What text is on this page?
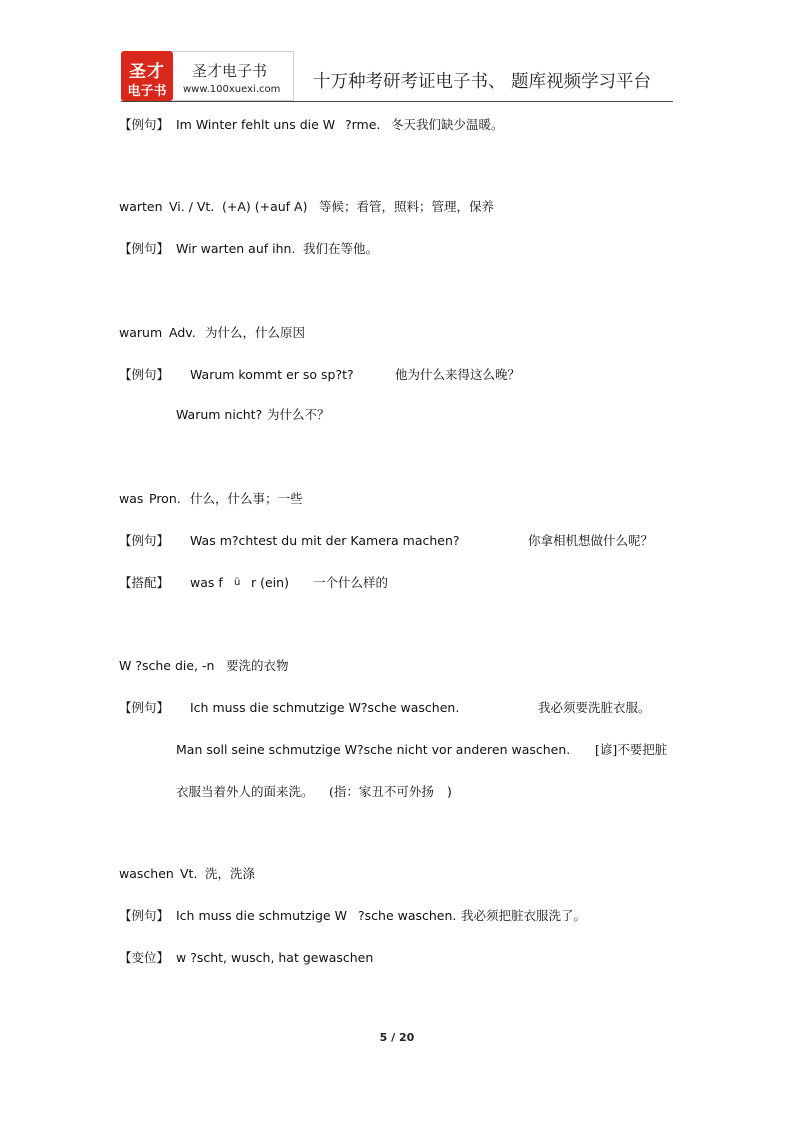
圣才
电子书
圣才电子书
www.100xuexi.com 十万种考研考证电子书、 题库视频学习平台
【例句】 Im Winter fehlt uns die W ?rme. 冬天我们缺少温暖。
warten Vi. / Vt. (+A) (+auf A) 等候；看管，照料；管理，保养
【例句】 Wir warten auf ihn. 我们在等他。
warum Adv. 为什么，什么原因
【例句】 Warum kommt er so sp?t?	他为什么来得这么晚？
Warum nicht? 为什么不？
was Pron. 什么，什么事；一些
【例句】 Was m?chtest du mit der Kamera machen?	你拿相机想做什么呢？
【搭配】 was f ü r (ein) 一个什么样的
W ?sche die, -n 要洗的衣物
【例句】 Ich muss die schmutzige W?sche waschen.	我必须要洗脏衣服。
Man soll seine schmutzige W?sche nicht vor anderen waschen. [谚]不要把脏
衣服当着外人的面来洗。 (指：家丑不可外扬 )
waschen Vt. 洗，洗涤
【例句】 Ich muss die schmutzige W ?sche waschen. 我必须把脏衣服洗了。
【变位】 w ?scht, wusch, hat gewaschen
5 / 20
